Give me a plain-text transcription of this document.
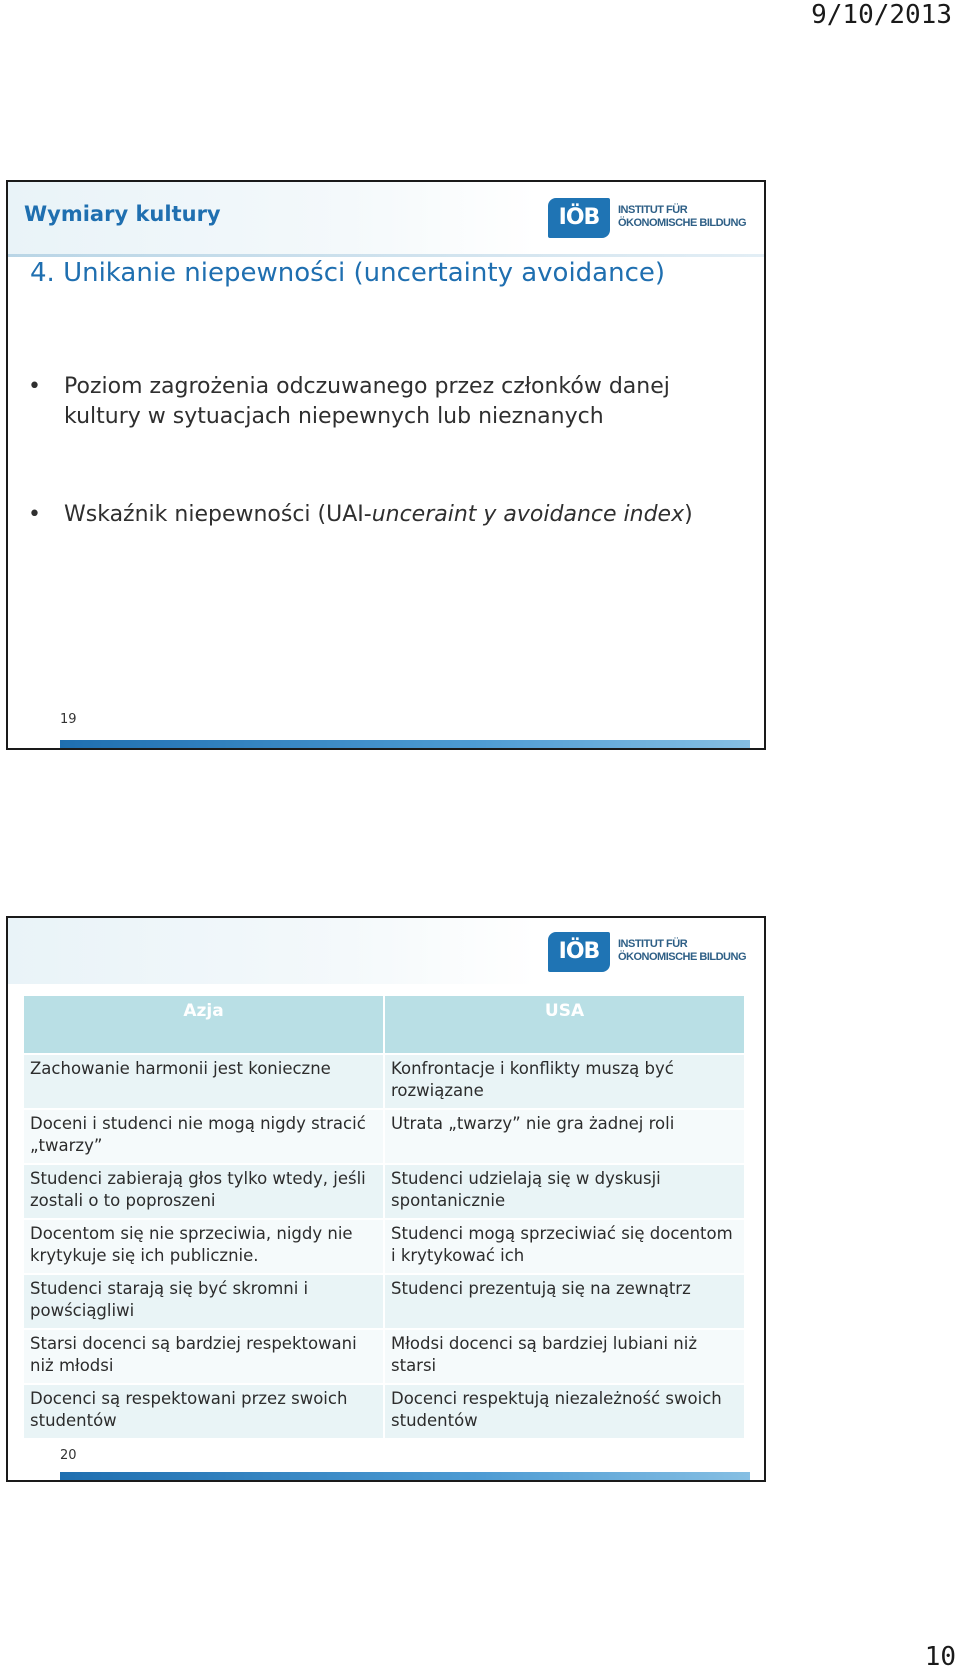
9/10/2013
Wymiary kultury	IÖB	INSTITUT FÜR
ÖKONOMISCHE BILDUNG
4. Unikanie niepewności (uncertainty avoidance)
• Poziom zagrożenia odczuwanego przez członków danej kultury w sytuacjach niepewnych lub nieznanych
• Wskaźnik niepewności (UAI-unceraint y avoidance index)
19
IÖB	INSTITUT FÜR
ÖKONOMISCHE BILDUNG
Azja	USA
Zachowanie harmonii jest konieczne	Konfrontacje i konflikty muszą być rozwiązane
Doceni i studenci nie mogą nigdy stracić „twarzy”	Utrata „twarzy” nie gra żadnej roli
Studenci zabierają głos tylko wtedy, jeśli zostali o to poproszeni	Studenci udzielają się w dyskusji spontanicznie
Docentom się nie sprzeciwia, nigdy nie krytykuje się ich publicznie.	Studenci mogą sprzeciwiać się docentom i krytykować ich
Studenci starają się być skromni i powściągliwi	Studenci prezentują się na zewnątrz
Starsi docenci są bardziej respektowani niż młodsi	Młodsi docenci są bardziej lubiani niż starsi
Docenci są respektowani przez swoich studentów	Docenci respektują niezależność swoich studentów
20
10
